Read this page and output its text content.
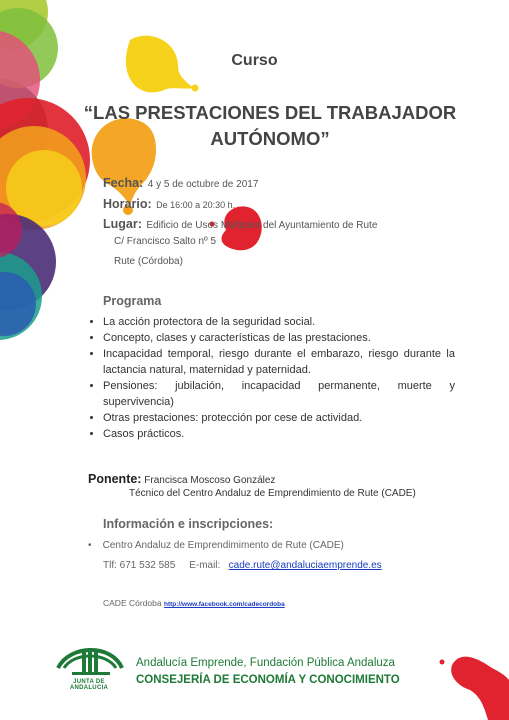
Curso
“LAS PRESTACIONES DEL TRABAJADOR
AUTÓNOMO”
Fecha: 4 y 5 de octubre de 2017
Horario: De 16:00 a 20:30 h.
Lugar: Edificio de Usos Múltiples del Ayuntamiento de Rute
C/ Francisco Salto nº 5
Rute (Córdoba)
Programa
• La acción protectora de la seguridad social.
• Concepto, clases y características de las prestaciones.
• Incapacidad temporal, riesgo durante el embarazo, riesgo durante la lactancia natural, maternidad y paternidad.
• Pensiones: jubilación, incapacidad permanente, muerte y supervivencia)
• Otras prestaciones: protección por cese de actividad.
• Casos prácticos.
Ponente: Francisca Moscoso González
Técnico del Centro Andaluz de Emprendimiento de Rute (CADE)
Información e inscripciones:
•    Centro Andaluz de Emprendimimento de Rute (CADE)
Tlf: 671 532 585 E-mail: cade.rute@andaluciaemprende.es
CADE Córdoba http://www.facebook.com/cadecordoba
JUNTA DE ANDALUCIA
Andalucía Emprende, Fundación Pública Andaluza
CONSEJERÍA DE ECONOMÍA Y CONOCIMIENTO
